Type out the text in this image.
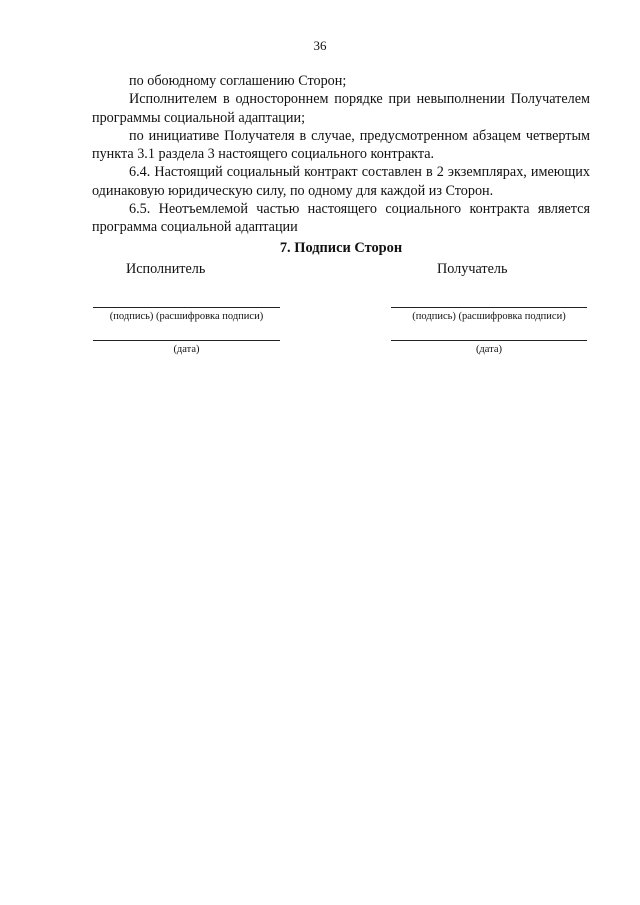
36

по обоюдному соглашению Сторон;

Исполнителем в одностороннем порядке при невыполнении Получателем программы социальной адаптации;

по инициативе Получателя в случае, предусмотренном абзацем четвертым пункта 3.1 раздела 3 настоящего социального контракта.

6.4. Настоящий социальный контракт составлен в 2 экземплярах, имеющих одинаковую юридическую силу, по одному для каждой из Сторон.

6.5. Неотъемлемой частью настоящего социального контракта является программа социальной адаптации

7. Подписи Сторон
Исполнитель
(подпись) (расшифровка подписи)
(дата)
Получатель
(подпись) (расшифровка подписи)
(дата)
